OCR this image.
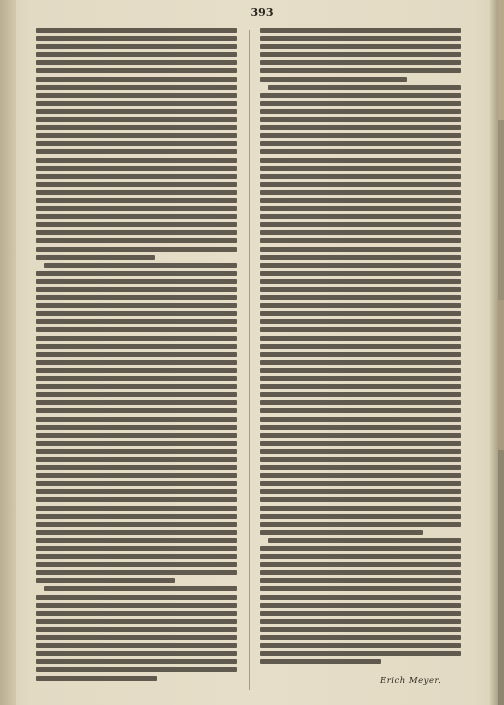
393
Erich Meyer.
